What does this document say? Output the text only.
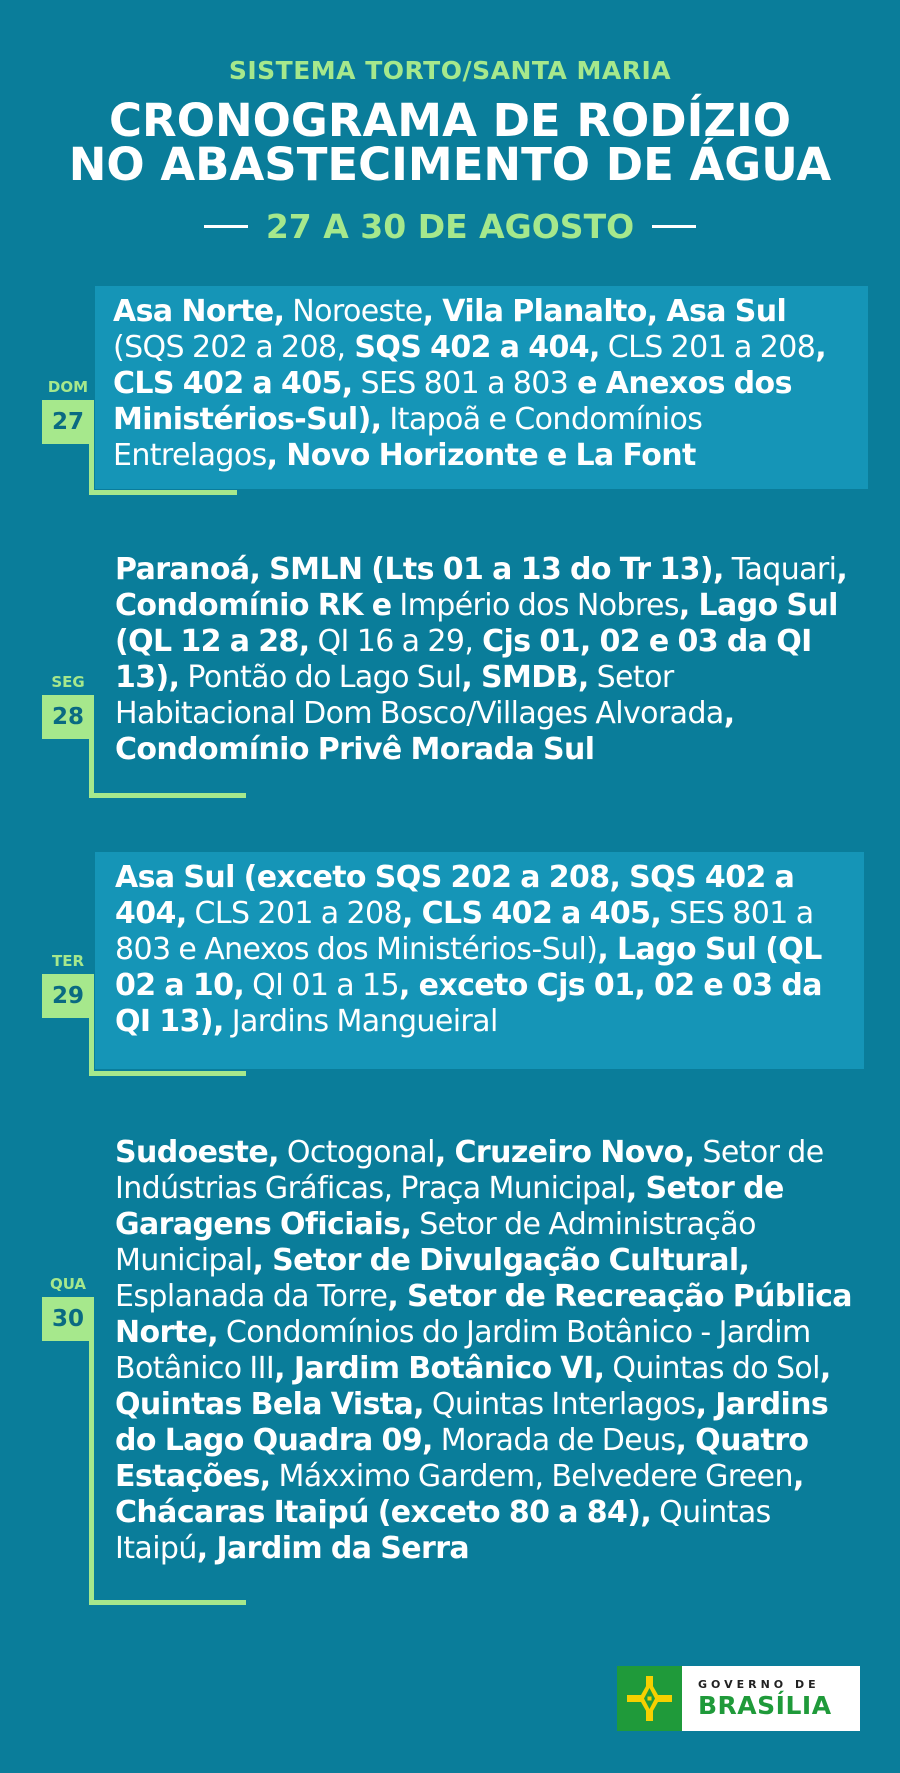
SISTEMA TORTO/SANTA MARIA
CRONOGRAMA DE RODÍZIO
NO ABASTECIMENTO DE ÁGUA
27 A 30 DE AGOSTO
Asa Norte, Noroeste, Vila Planalto, Asa Sul (SQS 202 a 208, SQS 402 a 404, CLS 201 a 208, CLS 402 a 405, SES 801 a 803 e Anexos dos Ministérios-Sul), Itapoã e Condomínios Entrelagos, Novo Horizonte e La Font
DOM
27
Paranoá, SMLN (Lts 01 a 13 do Tr 13), Taquari, Condomínio RK e Império dos Nobres, Lago Sul (QL 12 a 28, QI 16 a 29, Cjs 01, 02 e 03 da QI 13), Pontão do Lago Sul, SMDB, Setor Habitacional Dom Bosco/Villages Alvorada, Condomínio Privê Morada Sul
SEG
28
Asa Sul (exceto SQS 202 a 208, SQS 402 a 404, CLS 201 a 208, CLS 402 a 405, SES 801 a 803 e Anexos dos Ministérios-Sul), Lago Sul (QL 02 a 10, QI 01 a 15, exceto Cjs 01, 02 e 03 da QI 13), Jardins Mangueiral
TER
29
Sudoeste, Octogonal, Cruzeiro Novo, Setor de Indústrias Gráficas, Praça Municipal, Setor de Garagens Oficiais, Setor de Administração Municipal, Setor de Divulgação Cultural, Esplanada da Torre, Setor de Recreação Pública Norte, Condomínios do Jardim Botânico - Jardim Botânico III, Jardim Botânico VI, Quintas do Sol, Quintas Bela Vista, Quintas Interlagos, Jardins do Lago Quadra 09, Morada de Deus, Quatro Estações, Máxximo Gardem, Belvedere Green, Chácaras Itaipú (exceto 80 a 84), Quintas Itaipú, Jardim da Serra
QUA
30
GOVERNO DE
BRASÍLIA
